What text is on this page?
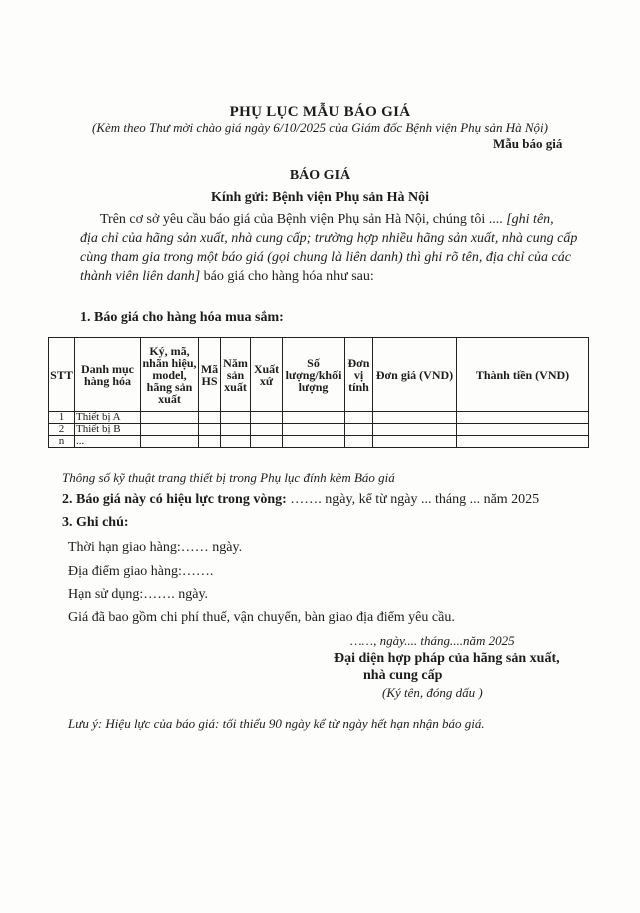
PHỤ LỤC MẪU BÁO GIÁ
(Kèm theo Thư mời chào giá ngày 6/10/2025 của Giám đốc Bệnh viện Phụ sản Hà Nội)
Mẫu báo giá
BÁO GIÁ
Kính gửi: Bệnh viện Phụ sản Hà Nội
Trên cơ sở yêu cầu báo giá của Bệnh viện Phụ sản Hà Nội, chúng tôi .... [ghi tên,
địa chỉ của hãng sản xuất, nhà cung cấp; trường hợp nhiều hãng sản xuất, nhà cung cấp
cùng tham gia trong một báo giá (gọi chung là liên danh) thì ghi rõ tên, địa chỉ của các
thành viên liên danh] báo giá cho hàng hóa như sau:
1. Báo giá cho hàng hóa mua sắm:
STT	Danh mục hàng hóa	Ký, mã, nhãn hiệu, model, hãng sản xuất	Mã HS	Năm sản xuất	Xuất xứ	Số lượng/khối lượng	Đơn vị tính	Đơn giá (VND)	Thành tiền (VND)
1	Thiết bị A								
2	Thiết bị B								
n	...								
Thông số kỹ thuật trang thiết bị trong Phụ lục đính kèm Báo giá
2. Báo giá này có hiệu lực trong vòng: ……. ngày, kể từ ngày ... tháng ... năm 2025
3. Ghi chú:
Thời hạn giao hàng:…… ngày.
Địa điểm giao hàng:…….
Hạn sử dụng:……. ngày.
Giá đã bao gồm chi phí thuế, vận chuyển, bàn giao địa điểm yêu cầu.
……, ngày.... tháng....năm 2025
Đại diện hợp pháp của hãng sản xuất,
nhà cung cấp
(Ký tên, đóng dấu )
Lưu ý: Hiệu lực của báo giá: tối thiểu 90 ngày kể từ ngày hết hạn nhận báo giá.
